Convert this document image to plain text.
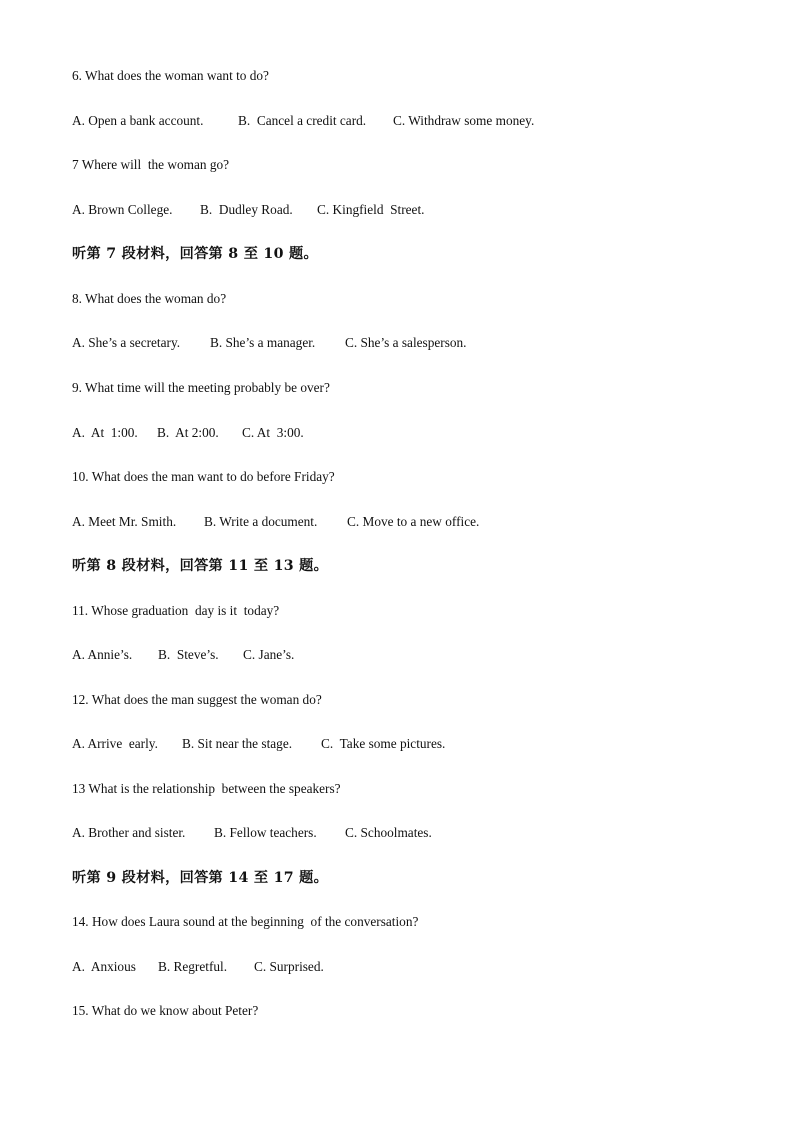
6. What does the woman want to do?
A. Open a bank account.	B.  Cancel a credit card.	C. Withdraw some money.
7 Where will  the woman go?
A. Brown College.	B.  Dudley Road.	C. Kingfield  Street.
听第 7 段材料，回答第 8 至 10 题。
8. What does the woman do?
A. She’s a secretary.	B. She’s a manager.	C. She’s a salesperson.
9. What time will the meeting probably be over?
A.  At  1:00.	B.  At 2:00.	C. At  3:00.
10. What does the man want to do before Friday?
A. Meet Mr. Smith.	B. Write a document.	C. Move to a new office.
听第 8 段材料，回答第 11 至 13 题。
11. Whose graduation  day is it  today?
A. Annie’s.	B.  Steve’s.	C. Jane’s.
12. What does the man suggest the woman do?
A. Arrive  early.	B. Sit near the stage.	C.  Take some pictures.
13 What is the relationship  between the speakers?
A. Brother and sister.	B. Fellow teachers.	C. Schoolmates.
听第 9 段材料，回答第 14 至 17 题。
14. How does Laura sound at the beginning  of the conversation?
A.  Anxious	B. Regretful.	C. Surprised.
15. What do we know about Peter?
